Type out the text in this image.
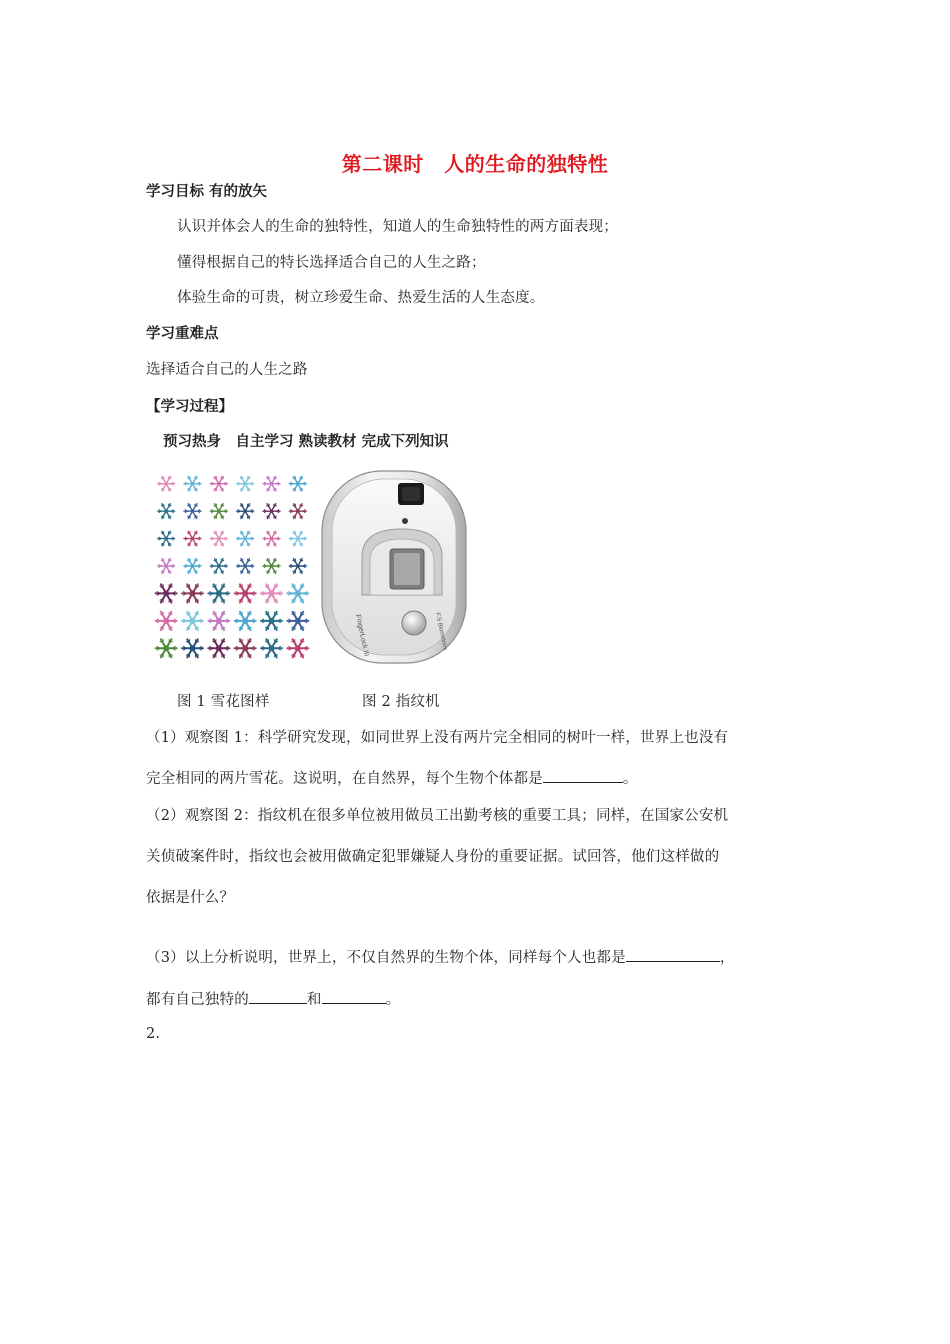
第二课时　人的生命的独特性
学习目标 有的放矢
认识并体会人的生命的独特性，知道人的生命独特性的两方面表现；
懂得根据自己的特长选择适合自己的人生之路；
体验生命的可贵，树立珍爱生命、热爱生活的人生态度。
学习重难点
选择适合自己的人生之路
【学习过程】
预习热身　自主学习 熟读教材 完成下列知识
FingerLock III	F.S Biometrics
图 1 雪花图样	图 2 指纹机
（1）观察图 1：科学研究发现，如同世界上没有两片完全相同的树叶一样，世界上也没有
完全相同的两片雪花。这说明，在自然界，每个生物个体都是	。
（2）观察图 2：指纹机在很多单位被用做员工出勤考核的重要工具；同样，在国家公安机
关侦破案件时，指纹也会被用做确定犯罪嫌疑人身份的重要证据。试回答，他们这样做的
依据是什么？
（3）以上分析说明，世界上，不仅自然界的生物个体，同样每个人也都是	，
都有自己独特的	和	。
2.
